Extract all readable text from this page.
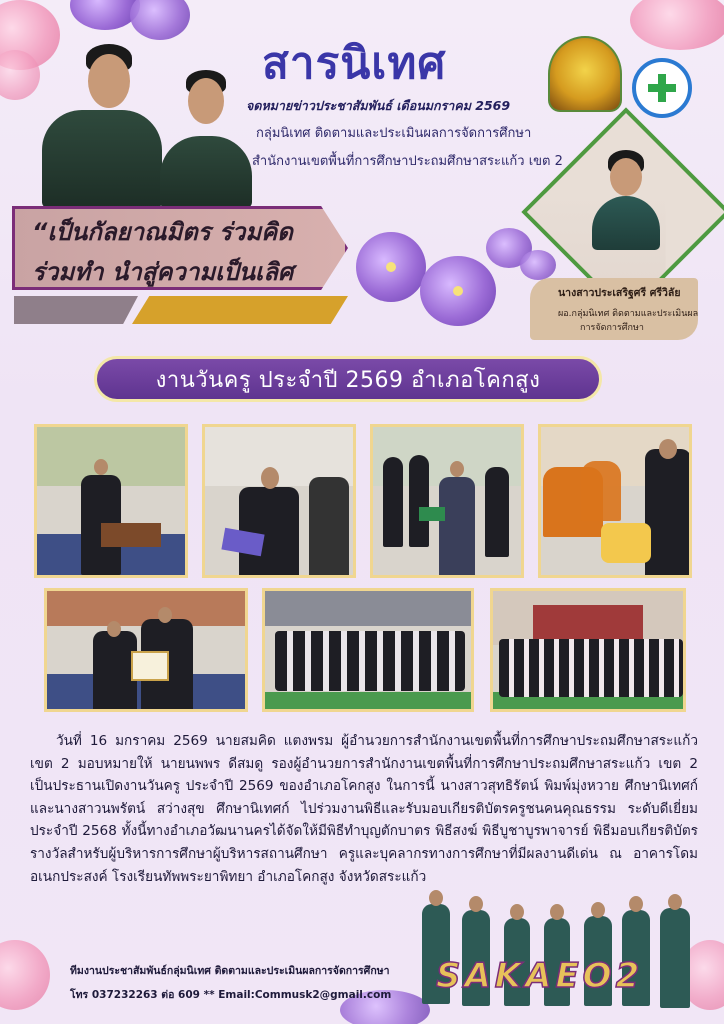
สารนิเทศ
จดหมายข่าวประชาสัมพันธ์ เดือนมกราคม 2569
กลุ่มนิเทศ ติดตามและประเมินผลการจัดการศึกษา
สำนักงานเขตพื้นที่การศึกษาประถมศึกษาสระแก้ว เขต 2
“เป็นกัลยาณมิตร ร่วมคิด
ร่วมทำ นำสู่ความเป็นเลิศ
นางสาวประเสริฐศรี ศรีวิลัย
ผอ.กลุ่มนิเทศ ติดตามและประเมินผล
การจัดการศึกษา
งานวันครู ประจำปี 2569 อำเภอโคกสูง

วันที่ 16 มกราคม 2569 นายสมคิด แตงพรม ผู้อำนวยการสำนักงานเขตพื้นที่การศึกษาประถมศึกษาสระแก้ว เขต 2 มอบหมายให้ นายนพพร ดีสมดู รองผู้อำนวยการสำนักงานเขตพื้นที่การศึกษาประถมศึกษาสระแก้ว เขต 2 เป็นประธานเปิดงานวันครู ประจำปี 2569 ของอำเภอโคกสูง ในการนี้ นางสาวสุทธิรัตน์ พิมพ์มุ่งหวาย ศึกษานิเทศก์ และนางสาวนพรัตน์ สว่างสุข ศึกษานิเทศก์ ไปร่วมงานพิธีและรับมอบเกียรติบัตรครูชนคนคุณธรรม ระดับดีเยี่ยม ประจำปี 2568 ทั้งนี้ทางอำเภอวัฒนานครได้จัดให้มีพิธีทำบุญตักบาตร พิธีสงฆ์ พิธีบูชาบูรพาจารย์ พิธีมอบเกียรติบัตรรางวัลสำหรับผู้บริหารการศึกษาผู้บริหารสถานศึกษา ครูและบุคลากรทางการศึกษาที่มีผลงานดีเด่น ณ อาคารโดมอเนกประสงค์ โรงเรียนทัพพระยาพิทยา อำเภอโคกสูง จังหวัดสระแก้ว

ทีมงานประชาสัมพันธ์กลุ่มนิเทศ ติดตามและประเมินผลการจัดการศึกษา
โทร 037232263 ต่อ 609 ** Email:Commusk2@gmail.com SAKAEO2
